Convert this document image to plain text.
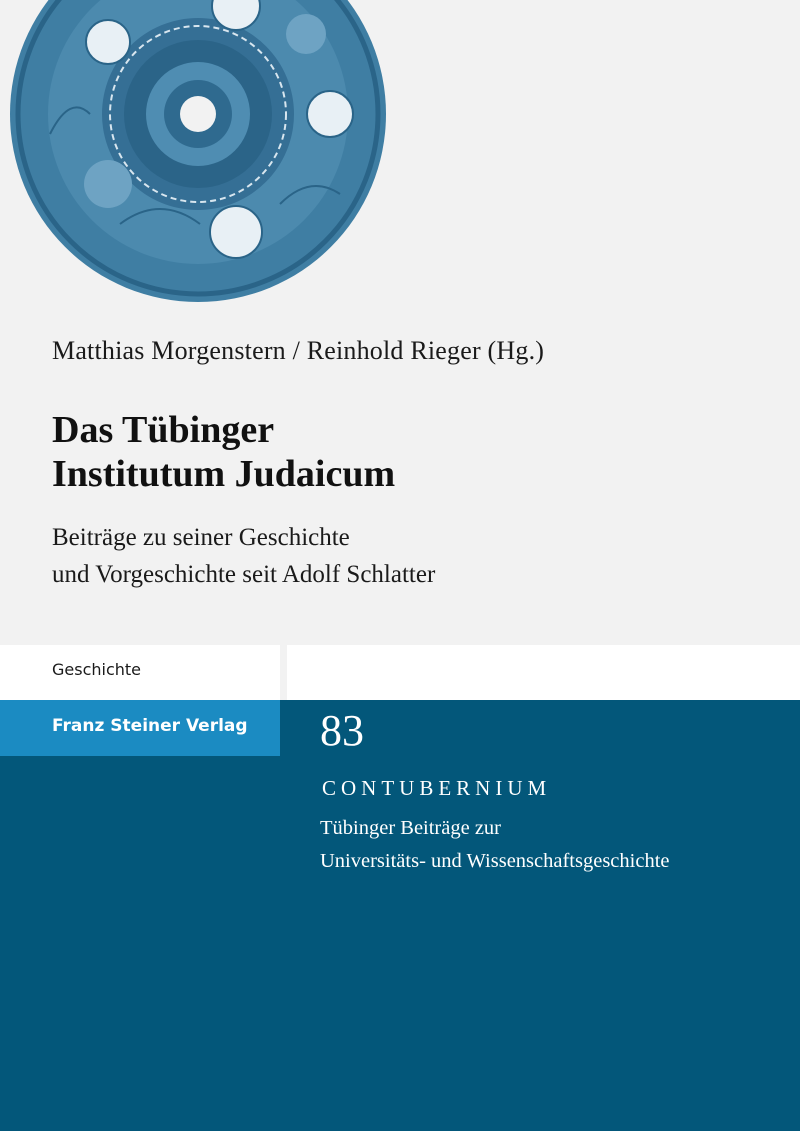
Matthias Morgenstern / Reinhold Rieger (Hg.)
Das Tübinger
Institutum Judaicum
Beiträge zu seiner Geschichte
und Vorgeschichte seit Adolf Schlatter
Geschichte
Franz Steiner Verlag 83
CONTUBERNIUM
Tübinger Beiträge zur
Universitäts- und Wissenschaftsgeschichte
